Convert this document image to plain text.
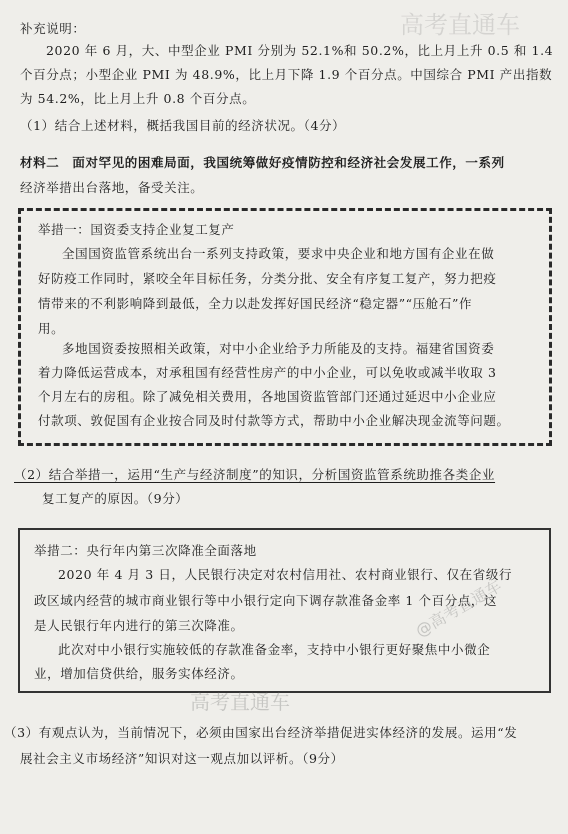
补充说明：
2020 年 6 月，大、中型企业 PMI 分别为 52.1%和 50.2%，比上月上升 0.5 和 1.4
个百分点；小型企业 PMI 为 48.9%，比上月下降 1.9 个百分点。中国综合 PMI 产出指数
为 54.2%，比上月上升 0.8 个百分点。
（1）结合上述材料，概括我国目前的经济状况。（4分）
材料二　面对罕见的困难局面，我国统筹做好疫情防控和经济社会发展工作，一系列
经济举措出台落地，备受关注。
举措一：国资委支持企业复工复产
全国国资监管系统出台一系列支持政策，要求中央企业和地方国有企业在做
好防疫工作同时，紧咬全年目标任务，分类分批、安全有序复工复产，努力把疫
情带来的不利影响降到最低，全力以赴发挥好国民经济“稳定器”“压舱石”作
用。
多地国资委按照相关政策，对中小企业给予力所能及的支持。福建省国资委
着力降低运营成本，对承租国有经营性房产的中小企业，可以免收或减半收取 3
个月左右的房租。除了减免相关费用，各地国资监管部门还通过延迟中小企业应
付款项、敦促国有企业按合同及时付款等方式，帮助中小企业解决现金流等问题。
（2）结合举措一，运用“生产与经济制度”的知识，分析国资监管系统助推各类企业
复工复产的原因。（9分）
举措二：央行年内第三次降准全面落地
2020 年 4 月 3 日，人民银行决定对农村信用社、农村商业银行、仅在省级行
政区域内经营的城市商业银行等中小银行定向下调存款准备金率 1 个百分点，这
是人民银行年内进行的第三次降准。
此次对中小银行实施较低的存款准备金率，支持中小银行更好聚焦中小微企
业，增加信贷供给，服务实体经济。
（3）有观点认为，当前情况下，必须由国家出台经济举措促进实体经济的发展。运用“发
展社会主义市场经济”知识对这一观点加以评析。（9分）
高考直通车
@高考直通车
高考直通车
